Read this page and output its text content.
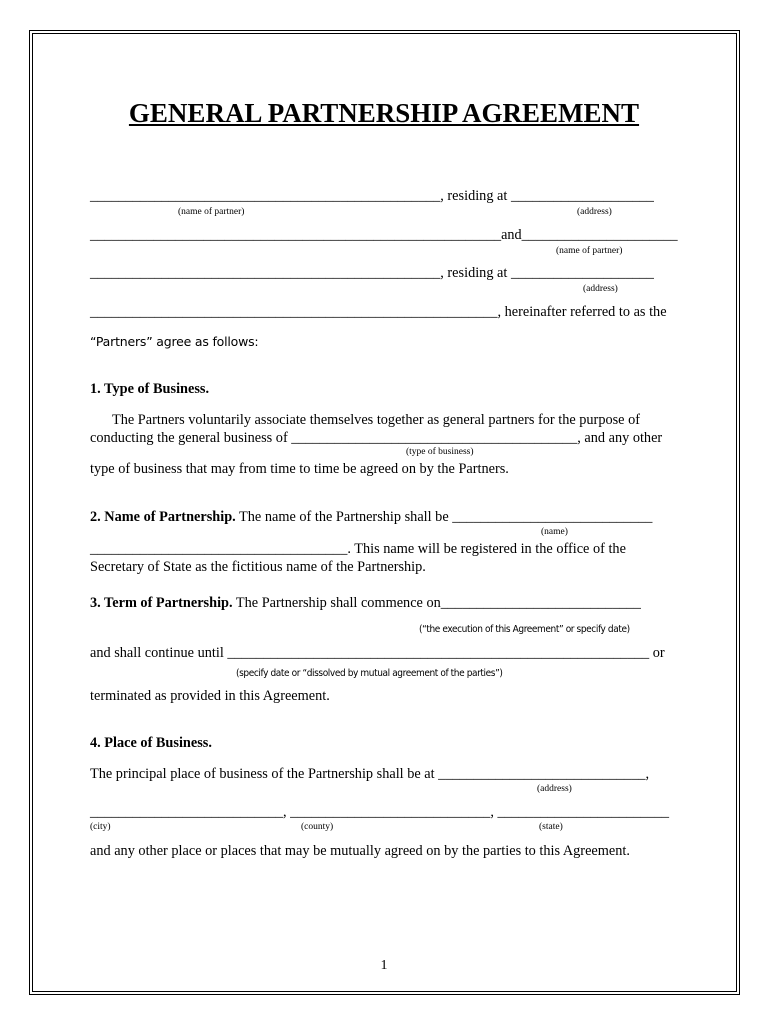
GENERAL PARTNERSHIP AGREEMENT
_________________________________________________, residing at ____________________
(name of partner)	(address)
__________________________________________________________and______________________
(name of partner)
_________________________________________________, residing at ____________________
(address)
_________________________________________________________, hereinafter referred to as the
“Partners” agree as follows:
1. Type of Business.
The Partners voluntarily associate themselves together as general partners for the purpose of
conducting the general business of ________________________________________, and any other
(type of business)
type of business that may from time to time be agreed on by the Partners.
2. Name of Partnership. The name of the Partnership shall be ____________________________
(name)
____________________________________. This name will be registered in the office of the
Secretary of State as the fictitious name of the Partnership.
3. Term of Partnership. The Partnership shall commence on____________________________
(“the execution of this Agreement” or specify date)
and shall continue until ___________________________________________________________ or
(specify date or “dissolved by mutual agreement of the parties”)
terminated as provided in this Agreement.
4. Place of Business.
The principal place of business of the Partnership shall be at _____________________________,
(address)
___________________________, ____________________________, ________________________
(city)	(county)	(state)
and any other place or places that may be mutually agreed on by the parties to this Agreement.
1
